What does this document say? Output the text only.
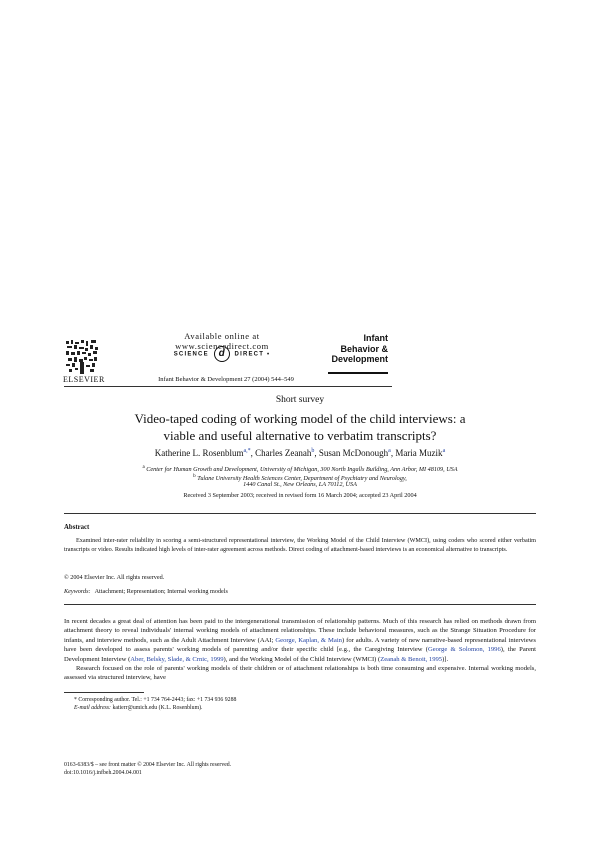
ELSEVIER
Available online at www.sciencedirect.com
SCIENCE d DIRECT •
Infant Behavior & Development 27 (2004) 544–549
Infant
Behavior &
Development
Short survey
Video-taped coding of working model of the child interviews: a
viable and useful alternative to verbatim transcripts?
Katherine L. Rosenblum$^{a,*}$, Charles Zeanah$^b$, Susan McDonough$^a$, Maria Muzik$^a$
$^a$ Center for Human Growth and Development, University of Michigan, 300 North Ingalls Building, Ann Arbor, MI 48109, USA
$^b$ Tulane University Health Sciences Center, Department of Psychiatry and Neurology,
1440 Canal St., New Orleans, LA 70112, USA
Received 3 September 2003; received in revised form 16 March 2004; accepted 23 April 2004
Abstract
Examined inter-rater reliability in scoring a semi-structured representational interview, the Working Model of the Child Interview (WMCI), using coders who scored either verbatim transcripts or video. Results indicated high levels of inter-rater agreement across methods. Direct coding of attachment-based interviews is an economical alternative to transcripts.
© 2004 Elsevier Inc. All rights reserved.
Keywords: Attachment; Representation; Internal working models

In recent decades a great deal of attention has been paid to the intergenerational transmission of relationship patterns. Much of this research has relied on methods drawn from attachment theory to reveal individuals' internal working models of attachment relationships. These include behavioral measures, such as the Strange Situation Procedure for infants, and interview methods, such as the Adult Attachment Interview (AAI; George, Kaplan, & Main) for adults. A variety of new narrative-based representational interviews have been developed to assess parents' working models of parenting and/or their specific child [e.g., the Caregiving Interview (George & Solomon, 1996), the Parent Development Interview (Aber, Belsky, Slade, & Crnic, 1999), and the Working Model of the Child Interview (WMCI) (Zeanah & Benoit, 1995)].

Research focused on the role of parents' working models of their children or of attachment relationships is both time consuming and expensive. Internal working models, assessed via structured interview, have

* Corresponding author. Tel.: +1 734 764-2443; fax: +1 734 936 9288
E-mail address: katierr@umich.edu (K.L. Rosenblum).
0163-6383/$ – see front matter © 2004 Elsevier Inc. All rights reserved.
doi:10.1016/j.infbeh.2004.04.001
